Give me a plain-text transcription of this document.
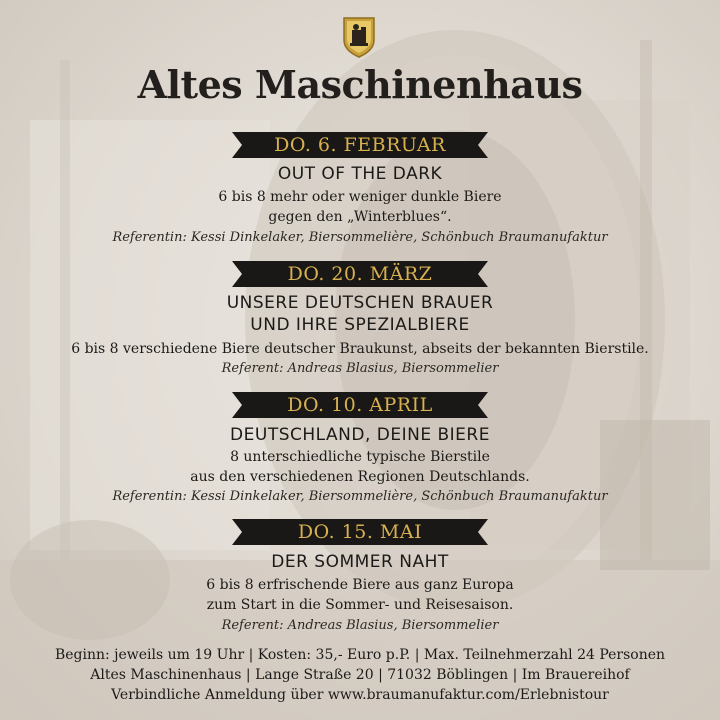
Altes Maschinenhaus
DO. 6. FEBRUAR
OUT OF THE DARK
6 bis 8 mehr oder weniger dunkle Biere
gegen den „Winterblues“.
Referentin: Kessi Dinkelaker, Biersommelière, Schönbuch Braumanufaktur
DO. 20. MÄRZ
UNSERE DEUTSCHEN BRAUER
UND IHRE SPEZIALBIERE
6 bis 8 verschiedene Biere deutscher Braukunst, abseits der bekannten Bierstile.
Referent: Andreas Blasius, Biersommelier
DO. 10. APRIL
DEUTSCHLAND, DEINE BIERE
8 unterschiedliche typische Bierstile
aus den verschiedenen Regionen Deutschlands.
Referentin: Kessi Dinkelaker, Biersommelière, Schönbuch Braumanufaktur
DO. 15. MAI
DER SOMMER NAHT
6 bis 8 erfrischende Biere aus ganz Europa
zum Start in die Sommer- und Reisesaison.
Referent: Andreas Blasius, Biersommelier
Beginn: jeweils um 19 Uhr | Kosten: 35,- Euro p.P. | Max. Teilnehmerzahl 24 Personen
Altes Maschinenhaus | Lange Straße 20 | 71032 Böblingen | Im Brauereihof
Verbindliche Anmeldung über www.braumanufaktur.com/Erlebnistour
